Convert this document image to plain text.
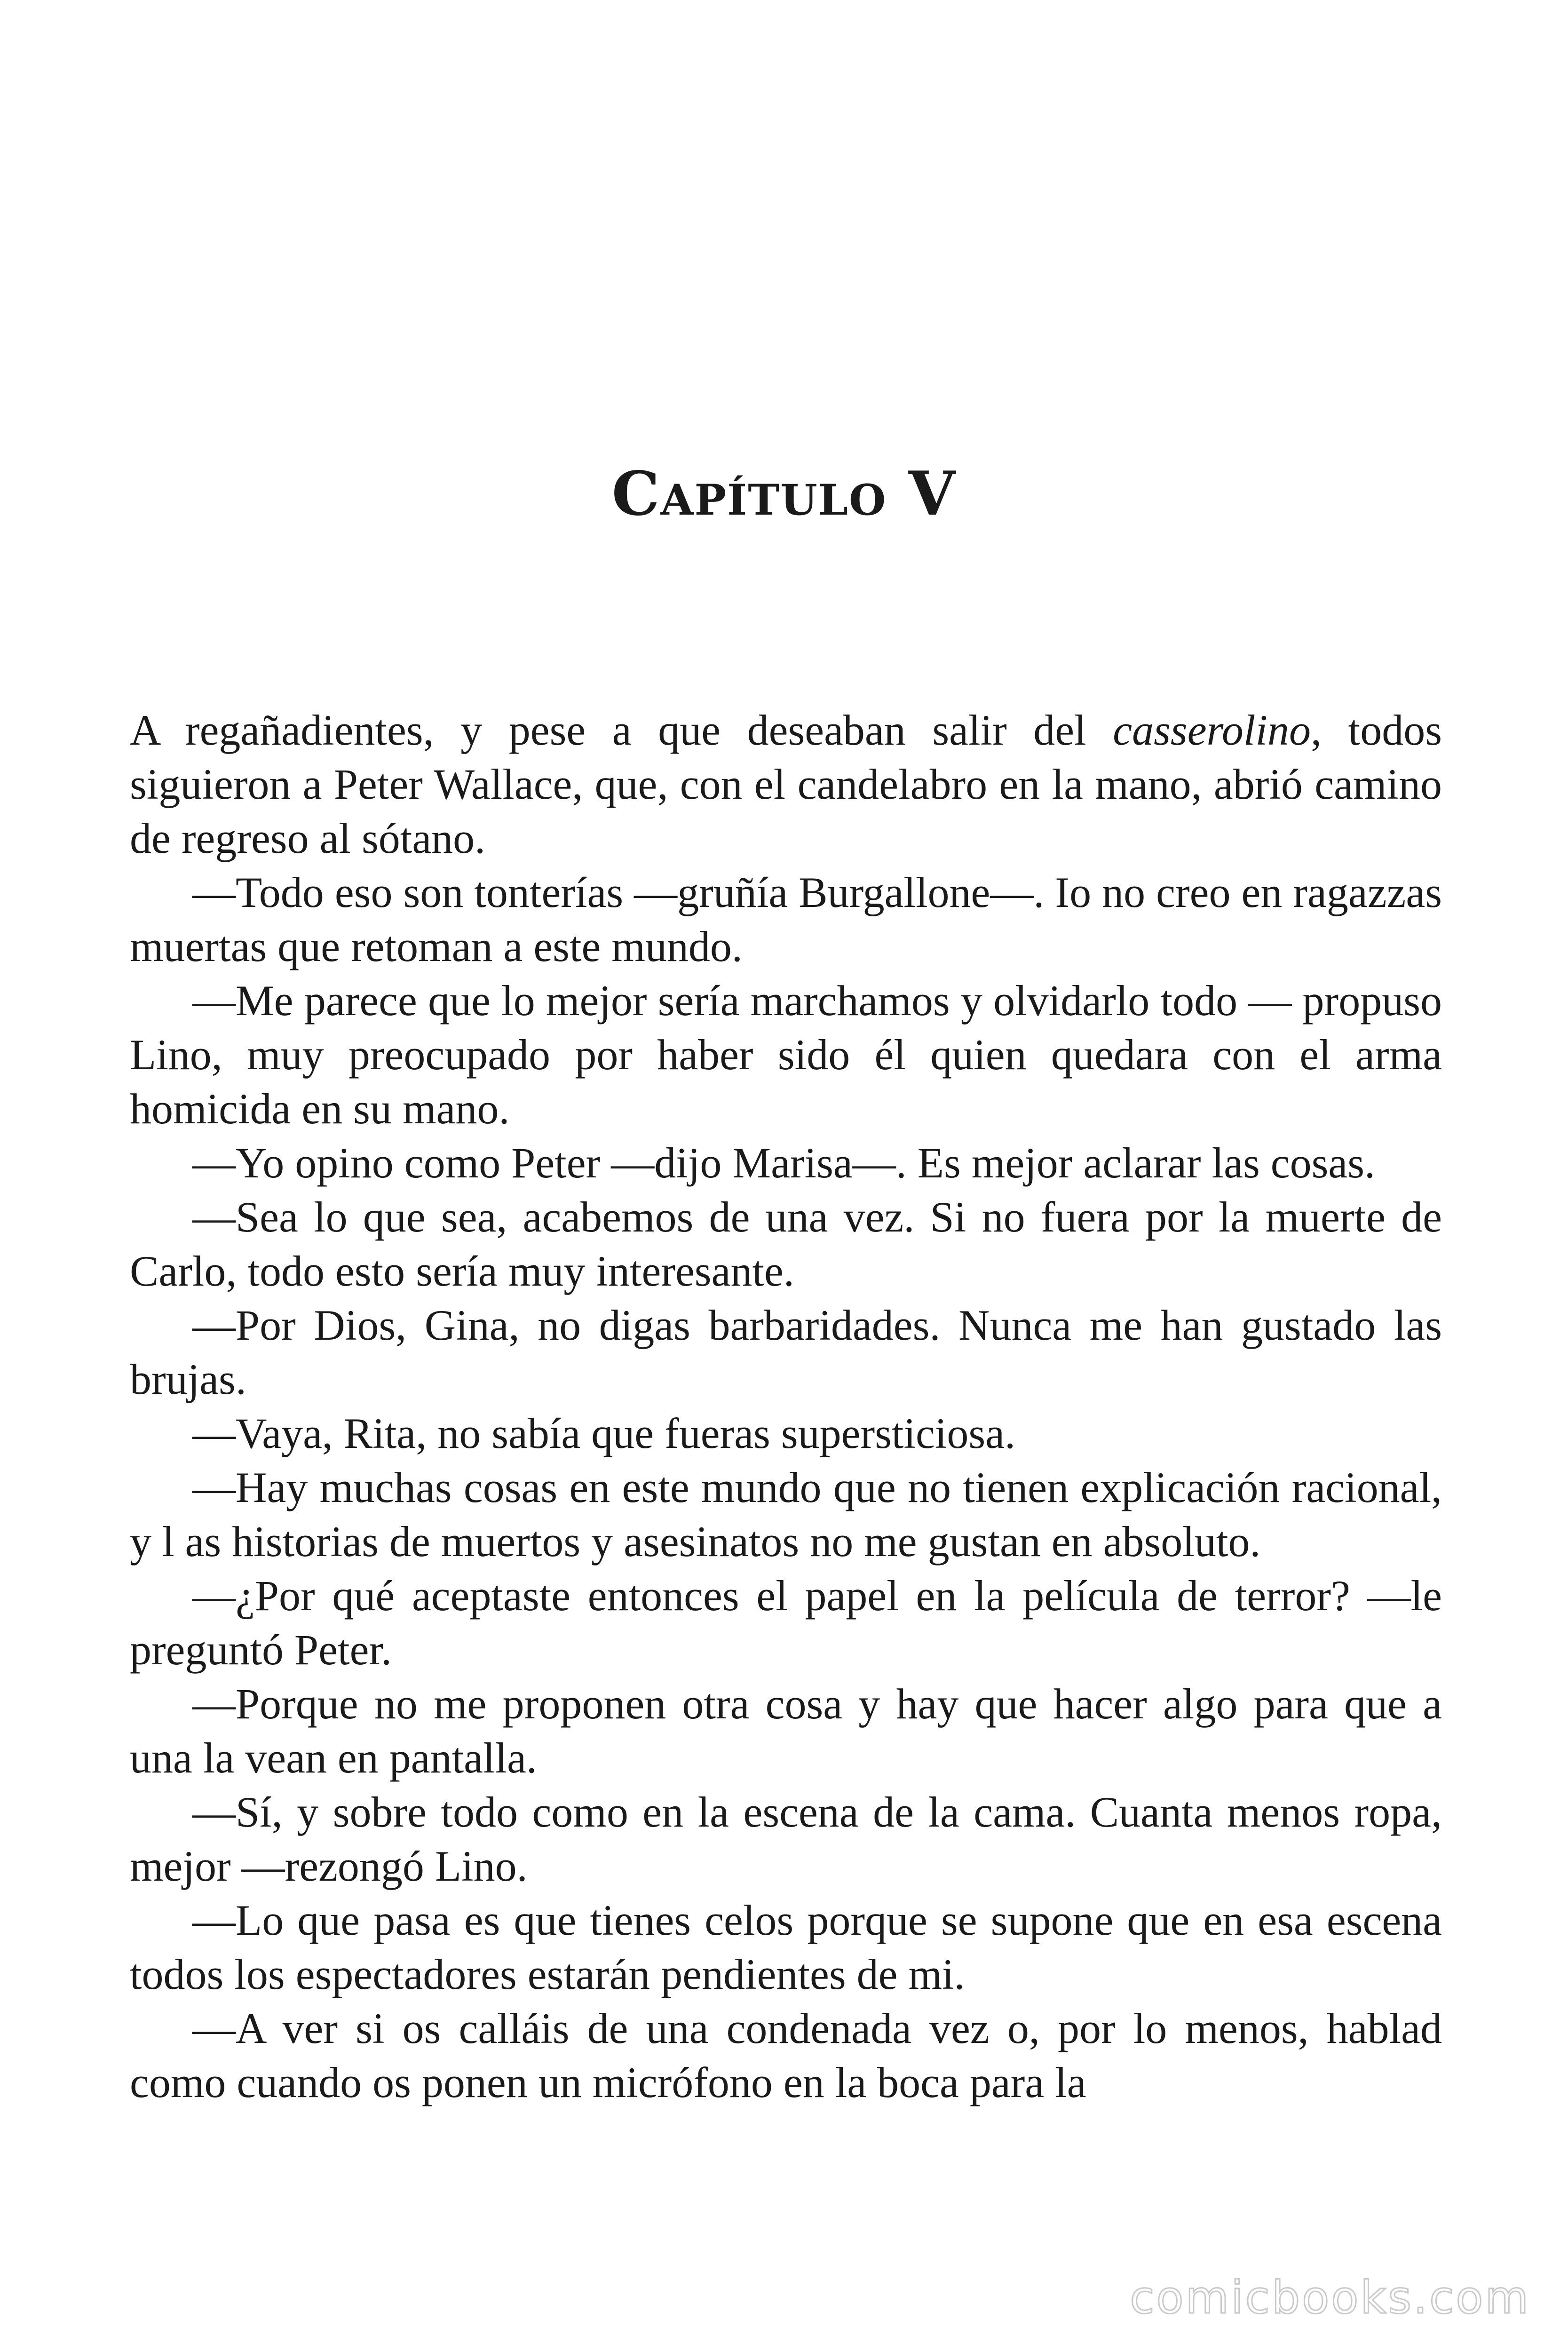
Capítulo V

A regañadientes, y pese a que deseaban salir del casserolino, todos siguieron a Peter Wallace, que, con el candelabro en la mano, abrió camino de regreso al sótano.

—Todo eso son tonterías —gruñía Burgallone—. Io no creo en ragazzas muertas que retoman a este mundo.

—Me parece que lo mejor sería marchamos y olvidarlo todo — propuso Lino, muy preocupado por haber sido él quien quedara con el arma homicida en su mano.

—Yo opino como Peter —dijo Marisa—. Es mejor aclarar las cosas.

—Sea lo que sea, acabemos de una vez. Si no fuera por la muerte de Carlo, todo esto sería muy interesante.

—Por Dios, Gina, no digas barbaridades. Nunca me han gustado las brujas.

—Vaya, Rita, no sabía que fueras supersticiosa.

—Hay muchas cosas en este mundo que no tienen explicación racional, y l as historias de muertos y asesinatos no me gustan en absoluto.

—¿Por qué aceptaste entonces el papel en la película de terror? —le preguntó Peter.

—Porque no me proponen otra cosa y hay que hacer algo para que a una la vean en pantalla.

—Sí, y sobre todo como en la escena de la cama. Cuanta menos ropa, mejor —rezongó Lino.

—Lo que pasa es que tienes celos porque se supone que en esa escena todos los espectadores estarán pendientes de mi.

—A ver si os calláis de una condenada vez o, por lo menos, hablad como cuando os ponen un micrófono en la boca para la

comicbooks.com
